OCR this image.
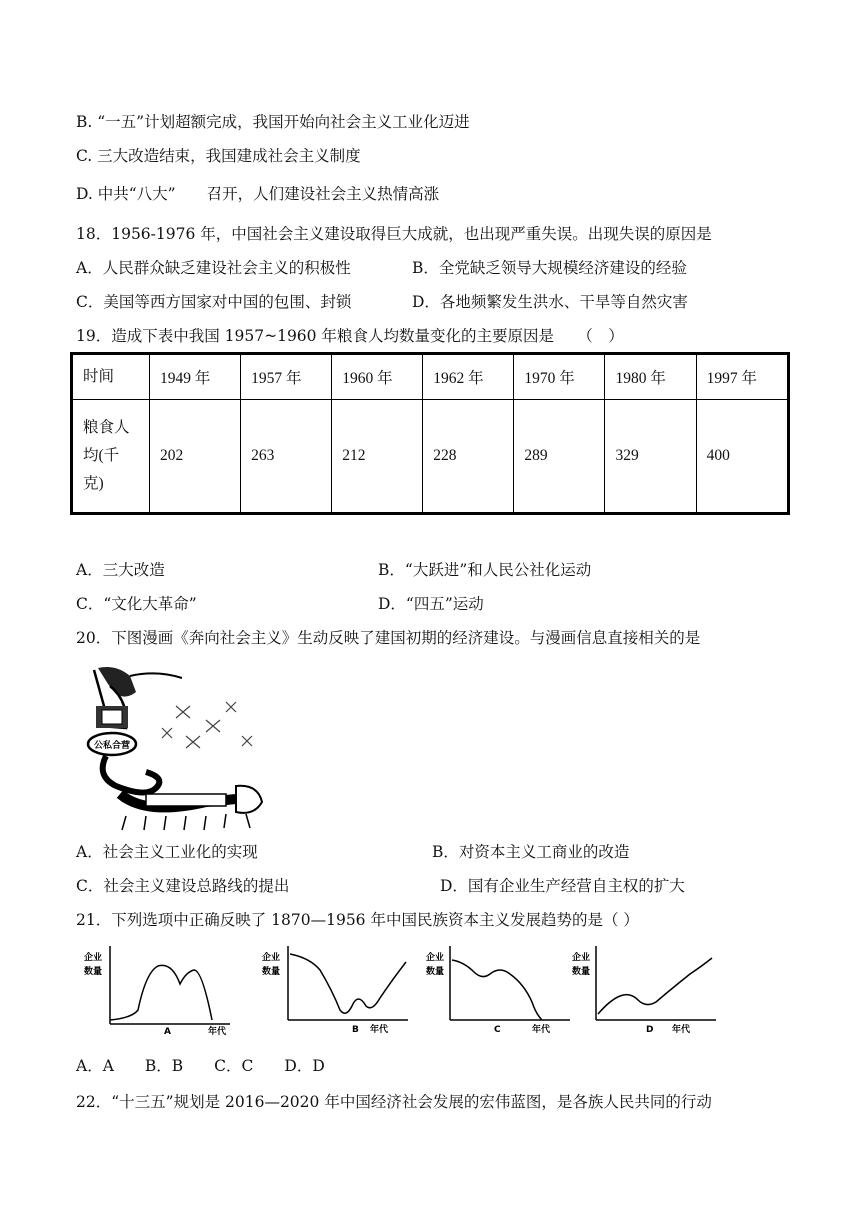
B. “一五”计划超额完成，我国开始向社会主义工业化迈进
C. 三大改造结束，我国建成社会主义制度
D. 中共“八大”　　召开，人们建设社会主义热情高涨
18．1956-1976 年，中国社会主义建设取得巨大成就，也出现严重失误。出现失误的原因是
A．人民群众缺乏建设社会主义的积极性	B．全党缺乏领导大规模经济建设的经验
C．美国等西方国家对中国的包围、封锁	D．各地频繁发生洪水、干旱等自然灾害
19．造成下表中我国 1957~1960 年粮食人均数量变化的主要原因是　　（　）
时间	1949 年	1957 年	1960 年	1962 年	1970 年	1980 年	1997 年

粮食人
均(千
克)	202	263	212	228	289	329	400
A．三大改造	B．“大跃进”和人民公社化运动
C．“文化大革命”	D．“四五”运动
20．下图漫画《奔向社会主义》生动反映了建国初期的经济建设。与漫画信息直接相关的是
公私合营
A．社会主义工业化的实现	B．对资本主义工商业的改造
C．社会主义建设总路线的提出	D．国有企业生产经营自主权的扩大
21．下列选项中正确反映了 1870—1956 年中国民族资本主义发展趋势的是（ ）
企业
数量
A	年代
企业
数量
B 年代
企业
数量
C	年代
企业
数量
D 年代
A．A　　B．B　　C．C　　D．D
22．“十三五”规划是 2016—2020 年中国经济社会发展的宏伟蓝图，是各族人民共同的行动
